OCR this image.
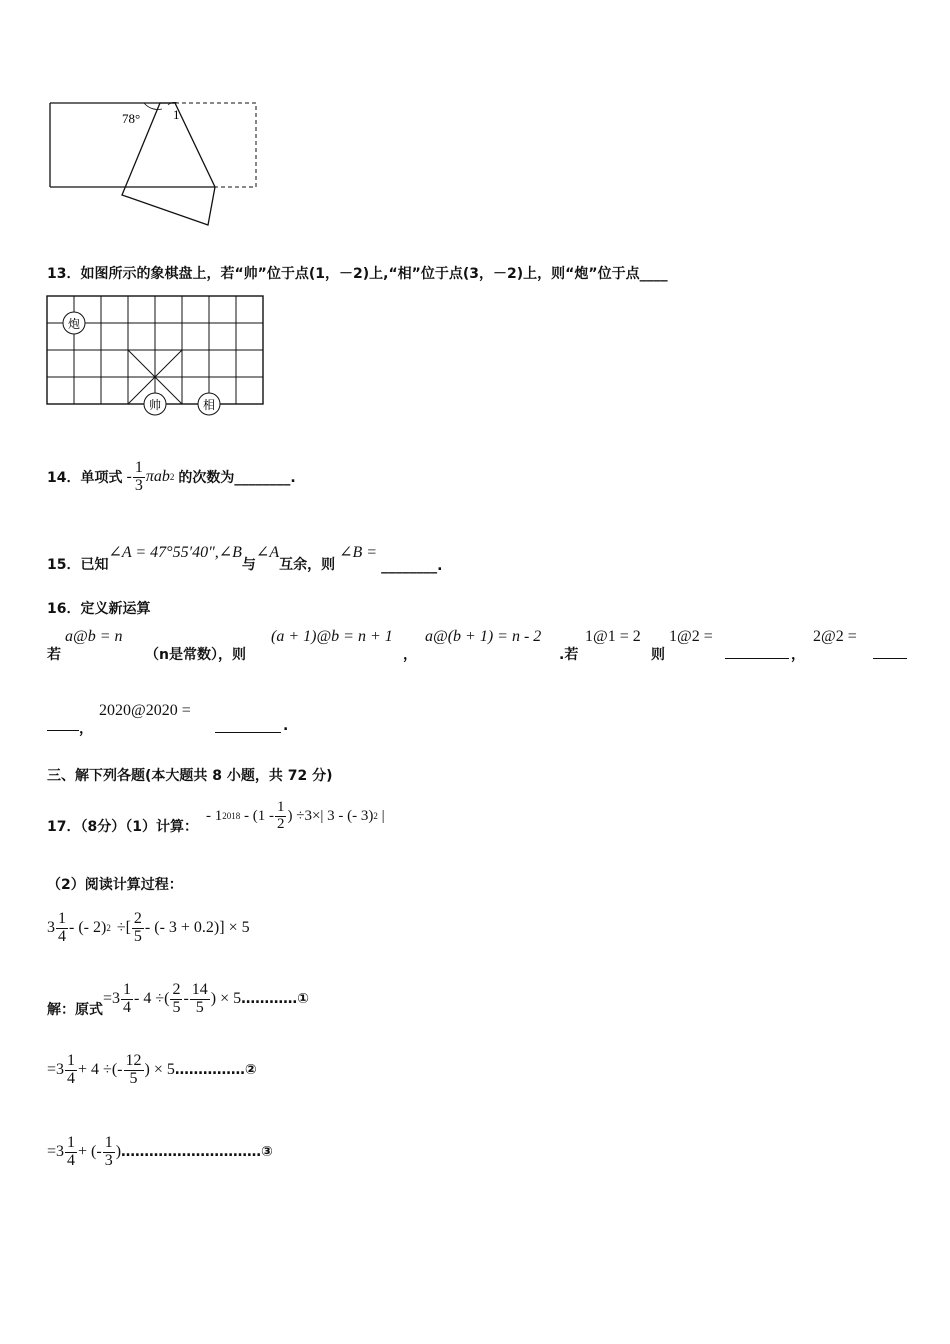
78°	1
13．如图所示的象棋盘上，若“帅”位于点(1，－2)上,“相”位于点(3，－2)上，则“炮”位于点____
炮
帅	相
14．单项式 - $\frac{1}{3}$ πab 2 的次数为________.
15．已知
∠A = 47°55′40″,∠B
与
∠A
互余，则
∠B =
________.
16．定义新运算
若
a@b = n
（n是常数），则
(a + 1)@b = n + 1
，
a@(b + 1) = n - 2
.若
1@1 = 2
则
1@2 =
，
2@2 =
，
2020@2020 =
.
三、解下列各题(本大题共 8 小题，共 72 分)
17．（8分）（1）计算：
- 1 $2018 - (1 - \frac{1}{2}$ ) ÷3×| 3 - (- 3) 2 |
（2）阅读计算过程：
$3 \frac{1}{4}$ - (- 2) 2 ÷[ $\frac{2}{5}$ - (- 3 + 0.2)] × 5
解：原式
$=3 \frac{1}{4} - 4$ ÷( $\frac{2}{5} - \frac{14}{5}$ ) × 5 …………①
$=3 \frac{1}{4} + 4$ ÷(- $\frac{12}{5}$ ) × 5 ……………②
$=3 \frac{1}{4}$ + (- $\frac{1}{3}$ ) …………………………③
